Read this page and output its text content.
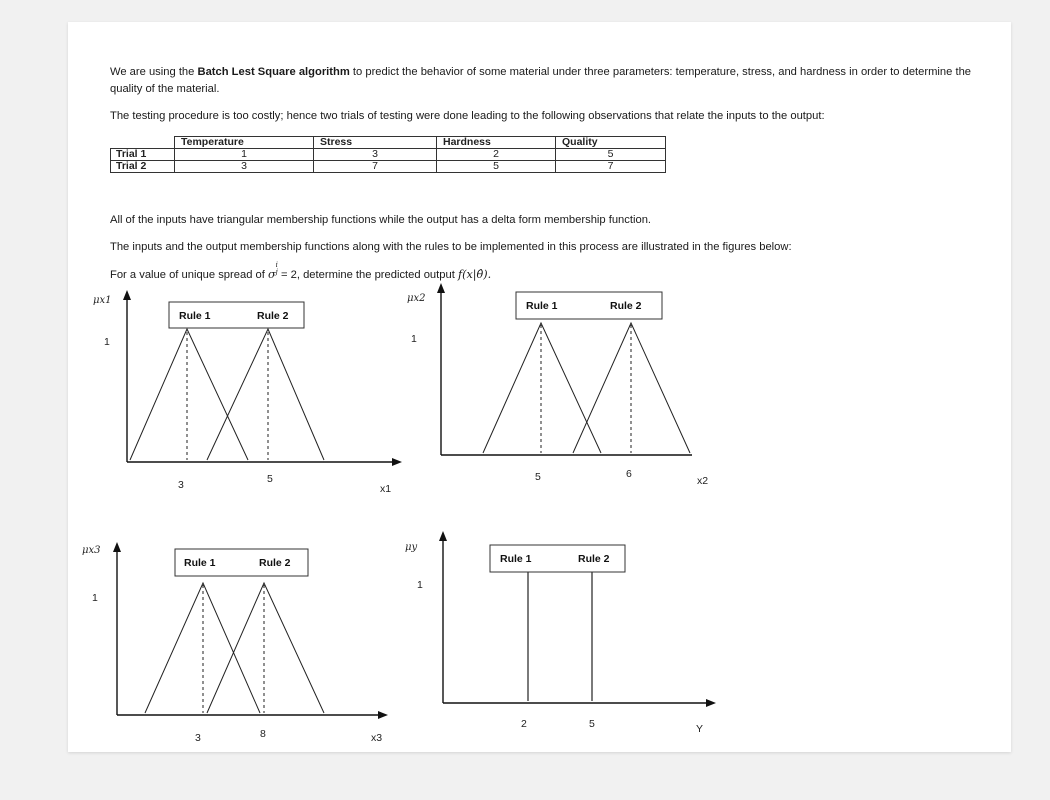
We are using the Batch Lest Square algorithm to predict the behavior of some material under three parameters: temperature, stress, and hardness in order to determine the quality of the material.

The testing procedure is too costly; hence two trials of testing were done leading to the following observations that relate the inputs to the output:

	Temperature	Stress	Hardness	Quality
Trial 1	1	3	2	5
Trial 2	3	7	5	7

All of the inputs have triangular membership functions while the output has a delta form membership function.

The inputs and the output membership functions along with the rules to be implemented in this process are illustrated in the figures below:

For a value of unique spread of σ
i
j = 2, determine the predicted output f(x|θ̂).

Rule 1	Rule 2
μx1
1
3	5
x1
Rule 1	Rule 2
μx2
1
5	6
x2
Rule 1	Rule 2
μx3
1
3	8	x3
Rule 1	Rule 2
μy
1
2	5	Y
